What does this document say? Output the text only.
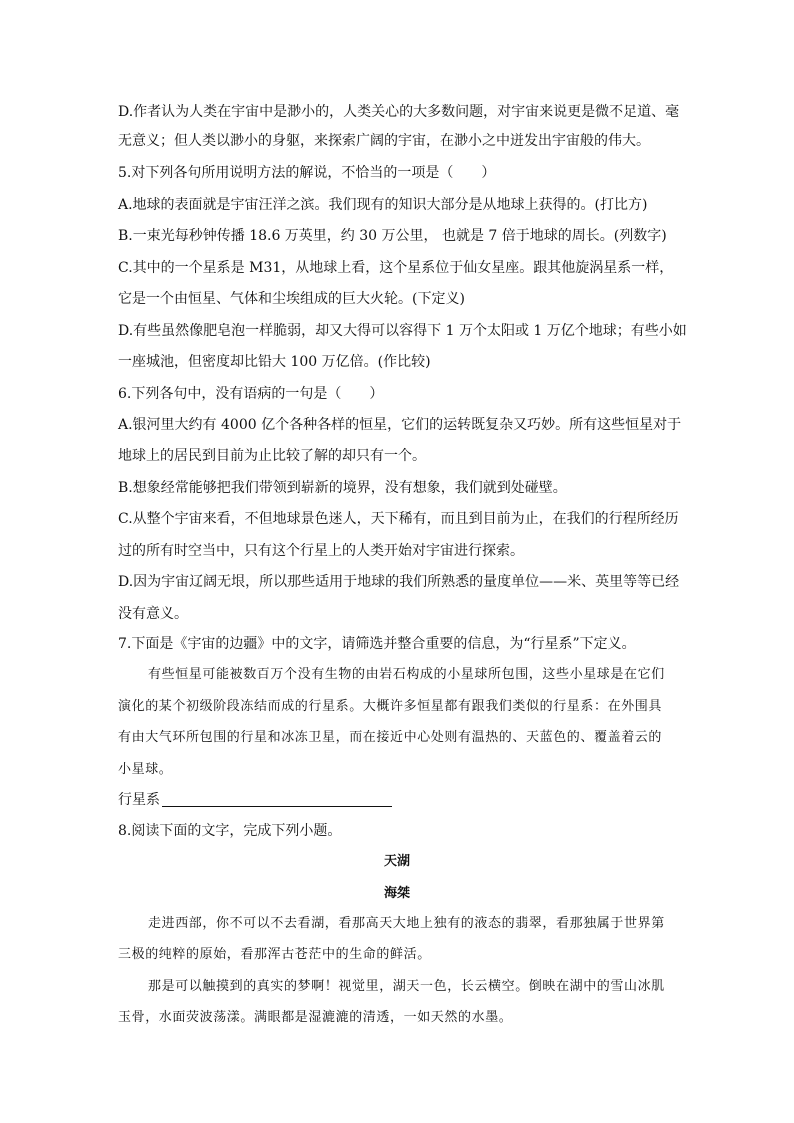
D.作者认为人类在宇宙中是渺小的，人类关心的大多数问题，对宇宙来说更是微不足道、毫
无意义；但人类以渺小的身躯，来探索广阔的宇宙，在渺小之中迸发出宇宙般的伟大。
5.对下列各句所用说明方法的解说，不恰当的一项是（　　）
A.地球的表面就是宇宙汪洋之滨。我们现有的知识大部分是从地球上获得的。(打比方)
B.一束光每秒钟传播 18.6 万英里，约 30 万公里， 也就是 7 倍于地球的周长。(列数字)
C.其中的一个星系是 M31，从地球上看，这个星系位于仙女星座。跟其他旋涡星系一样，
它是一个由恒星、气体和尘埃组成的巨大火轮。(下定义)
D.有些虽然像肥皂泡一样脆弱，却又大得可以容得下 1 万个太阳或 1 万亿个地球；有些小如
一座城池，但密度却比铅大 100 万亿倍。(作比较)
6.下列各句中，没有语病的一句是（　　）
A.银河里大约有 4000 亿个各种各样的恒星，它们的运转既复杂又巧妙。所有这些恒星对于
地球上的居民到目前为止比较了解的却只有一个。
B.想象经常能够把我们带领到崭新的境界，没有想象，我们就到处碰壁。
C.从整个宇宙来看，不但地球景色迷人，天下稀有，而且到目前为止，在我们的行程所经历
过的所有时空当中，只有这个行星上的人类开始对宇宙进行探索。
D.因为宇宙辽阔无垠，所以那些适用于地球的我们所熟悉的量度单位——米、英里等等已经
没有意义。
7.下面是《宇宙的边疆》中的文字，请筛选并整合重要的信息，为“行星系”下定义。
有些恒星可能被数百万个没有生物的由岩石构成的小星球所包围，这些小星球是在它们
演化的某个初级阶段冻结而成的行星系。大概许多恒星都有跟我们类似的行星系：在外围具
有由大气环所包围的行星和冰冻卫星，而在接近中心处则有温热的、天蓝色的、覆盖着云的
小星球。
行星系
8.阅读下面的文字，完成下列小题。
天湖
海桀
走进西部，你不可以不去看湖，看那高天大地上独有的液态的翡翠，看那独属于世界第
三极的纯粹的原始，看那浑古苍茫中的生命的鲜活。
那是可以触摸到的真实的梦啊！视觉里，湖天一色，长云横空。倒映在湖中的雪山冰肌
玉骨，水面荧波荡漾。满眼都是湿漉漉的清透，一如天然的水墨。
